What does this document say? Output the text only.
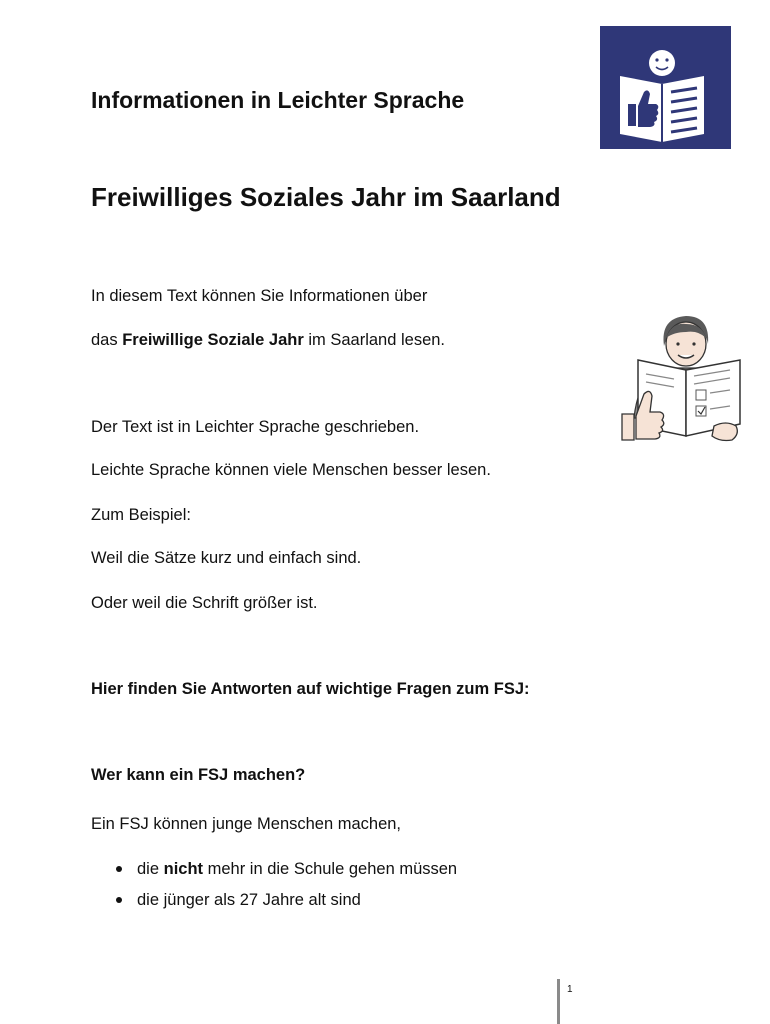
Informationen in Leichter Sprache
Freiwilliges Soziales Jahr im Saarland

In diesem Text können Sie Informationen über

das Freiwillige Soziale Jahr im Saarland lesen.

Der Text ist in Leichter Sprache geschrieben.

Leichte Sprache können viele Menschen besser lesen.

Zum Beispiel:

Weil die Sätze kurz und einfach sind.

Oder weil die Schrift größer ist.

Hier finden Sie Antworten auf wichtige Fragen zum FSJ:

Wer kann ein FSJ machen?

Ein FSJ können junge Menschen machen,

die nicht mehr in die Schule gehen müssen
die jünger als 27 Jahre alt sind
1
